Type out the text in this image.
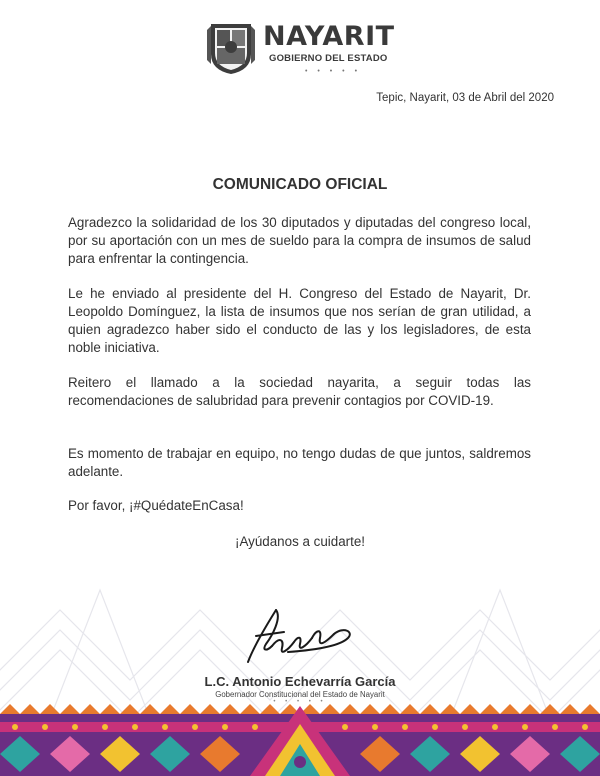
NAYARIT
GOBIERNO DEL ESTADO
• • • • •
Tepic, Nayarit, 03 de Abril del 2020
COMUNICADO OFICIAL

Agradezco la solidaridad de los 30 diputados y diputadas del congreso local, por su aportación con un mes de sueldo para la compra de insumos de salud para enfrentar la contingencia.

Le he enviado al presidente del H. Congreso del Estado de Nayarit, Dr. Leopoldo Domínguez, la lista de insumos que nos serían de gran utilidad, a quien agradezco haber sido el conducto de las y los legisladores, de esta noble iniciativa.

Reitero el llamado a la sociedad nayarita, a seguir todas las recomendaciones de salubridad para prevenir contagios por COVID-19.

Es momento de trabajar en equipo, no tengo dudas de que juntos, saldremos adelante.

Por favor, ¡#QuédateEnCasa!

¡Ayúdanos a cuidarte!
L.C. Antonio Echevarría García
Gobernador Constitucional del Estado de Nayarit
• • • • •
